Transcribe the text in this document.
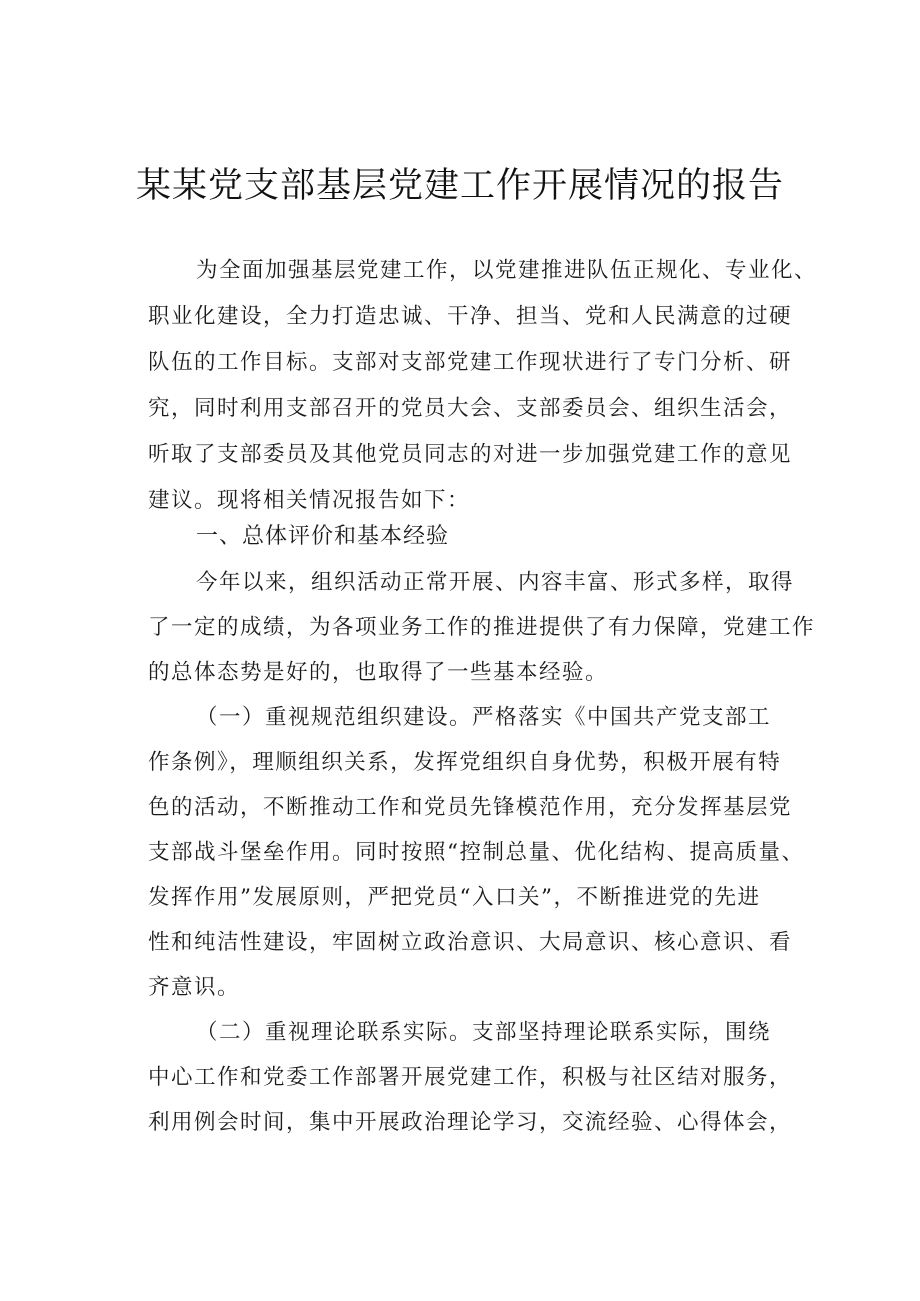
某某党支部基层党建工作开展情况的报告
为全面加强基层党建工作，以党建推进队伍正规化、专业化、
职业化建设，全力打造忠诚、干净、担当、党和人民满意的过硬
队伍的工作目标。支部对支部党建工作现状进行了专门分析、研
究，同时利用支部召开的党员大会、支部委员会、组织生活会，
听取了支部委员及其他党员同志的对进一步加强党建工作的意见
建议。现将相关情况报告如下：
一、总体评价和基本经验
今年以来，组织活动正常开展、内容丰富、形式多样，取得
了一定的成绩，为各项业务工作的推进提供了有力保障，党建工作
的总体态势是好的，也取得了一些基本经验。
（一）重视规范组织建设。严格落实《中国共产党支部工
作条例》，理顺组织关系，发挥党组织自身优势，积极开展有特
色的活动，不断推动工作和党员先锋模范作用，充分发挥基层党
支部战斗堡垒作用。同时按照“控制总量、优化结构、提高质量、
发挥作用”发展原则，严把党员“入口关”，不断推进党的先进
性和纯洁性建设，牢固树立政治意识、大局意识、核心意识、看
齐意识。
（二）重视理论联系实际。支部坚持理论联系实际，围绕
中心工作和党委工作部署开展党建工作，积极与社区结对服务，
利用例会时间，集中开展政治理论学习，交流经验、心得体会，
